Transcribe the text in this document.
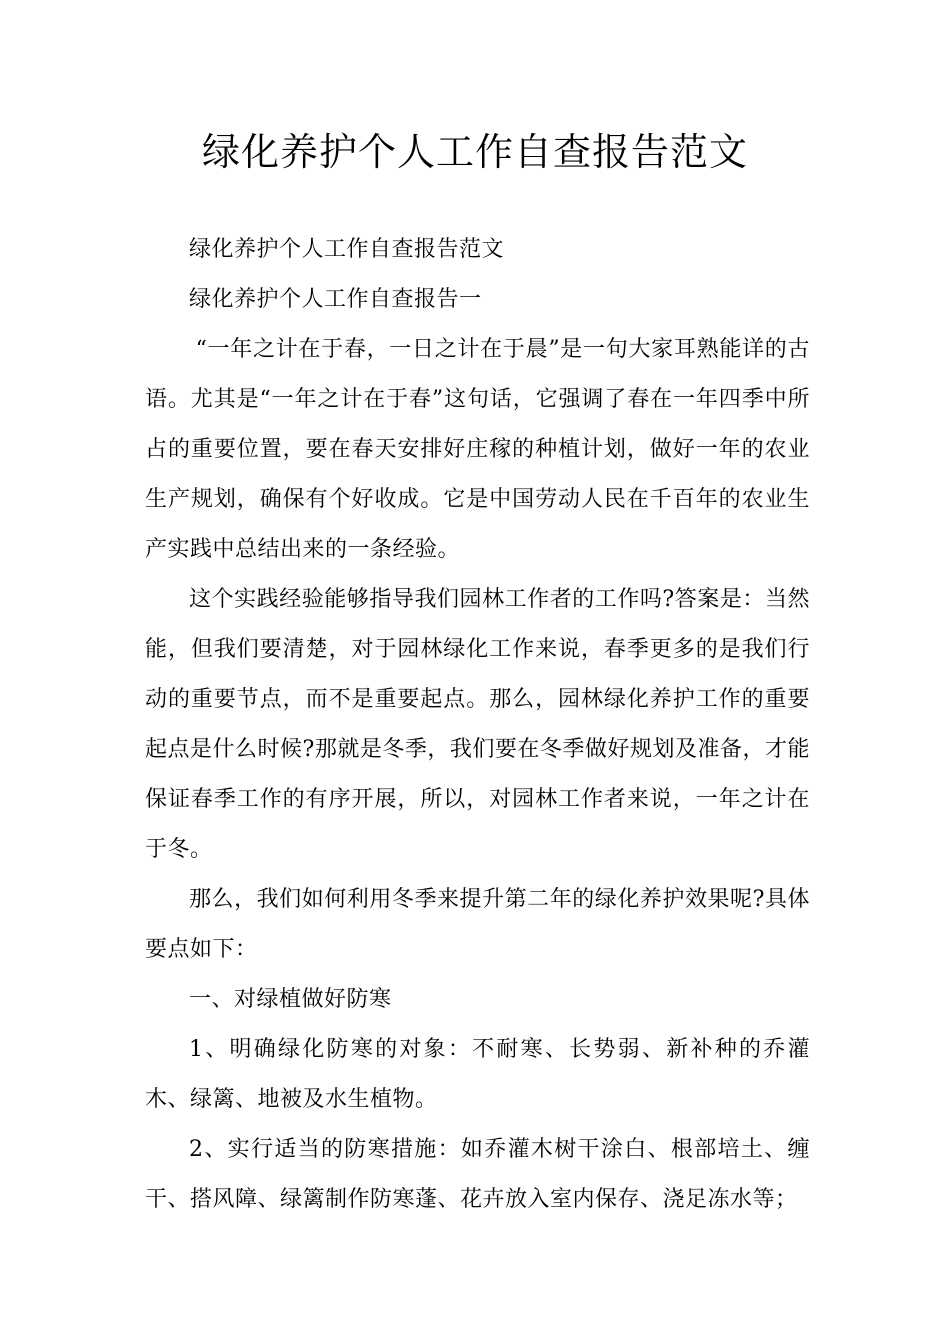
绿化养护个人工作自查报告范文

绿化养护个人工作自查报告范文

绿化养护个人工作自查报告一

“一年之计在于春，一日之计在于晨”是一句大家耳熟能详的古语。尤其是“一年之计在于春”这句话，它强调了春在一年四季中所占的重要位置，要在春天安排好庄稼的种植计划，做好一年的农业生产规划，确保有个好收成。它是中国劳动人民在千百年的农业生产实践中总结出来的一条经验。

这个实践经验能够指导我们园林工作者的工作吗?答案是：当然能，但我们要清楚，对于园林绿化工作来说，春季更多的是我们行动的重要节点，而不是重要起点。那么，园林绿化养护工作的重要起点是什么时候?那就是冬季，我们要在冬季做好规划及准备，才能保证春季工作的有序开展，所以，对园林工作者来说，一年之计在于冬。

那么，我们如何利用冬季来提升第二年的绿化养护效果呢?具体要点如下：

一、对绿植做好防寒

1、明确绿化防寒的对象：不耐寒、长势弱、新补种的乔灌木、绿篱、地被及水生植物。

2、实行适当的防寒措施：如乔灌木树干涂白、根部培土、缠干、搭风障、绿篱制作防寒蓬、花卉放入室内保存、浇足冻水等；
